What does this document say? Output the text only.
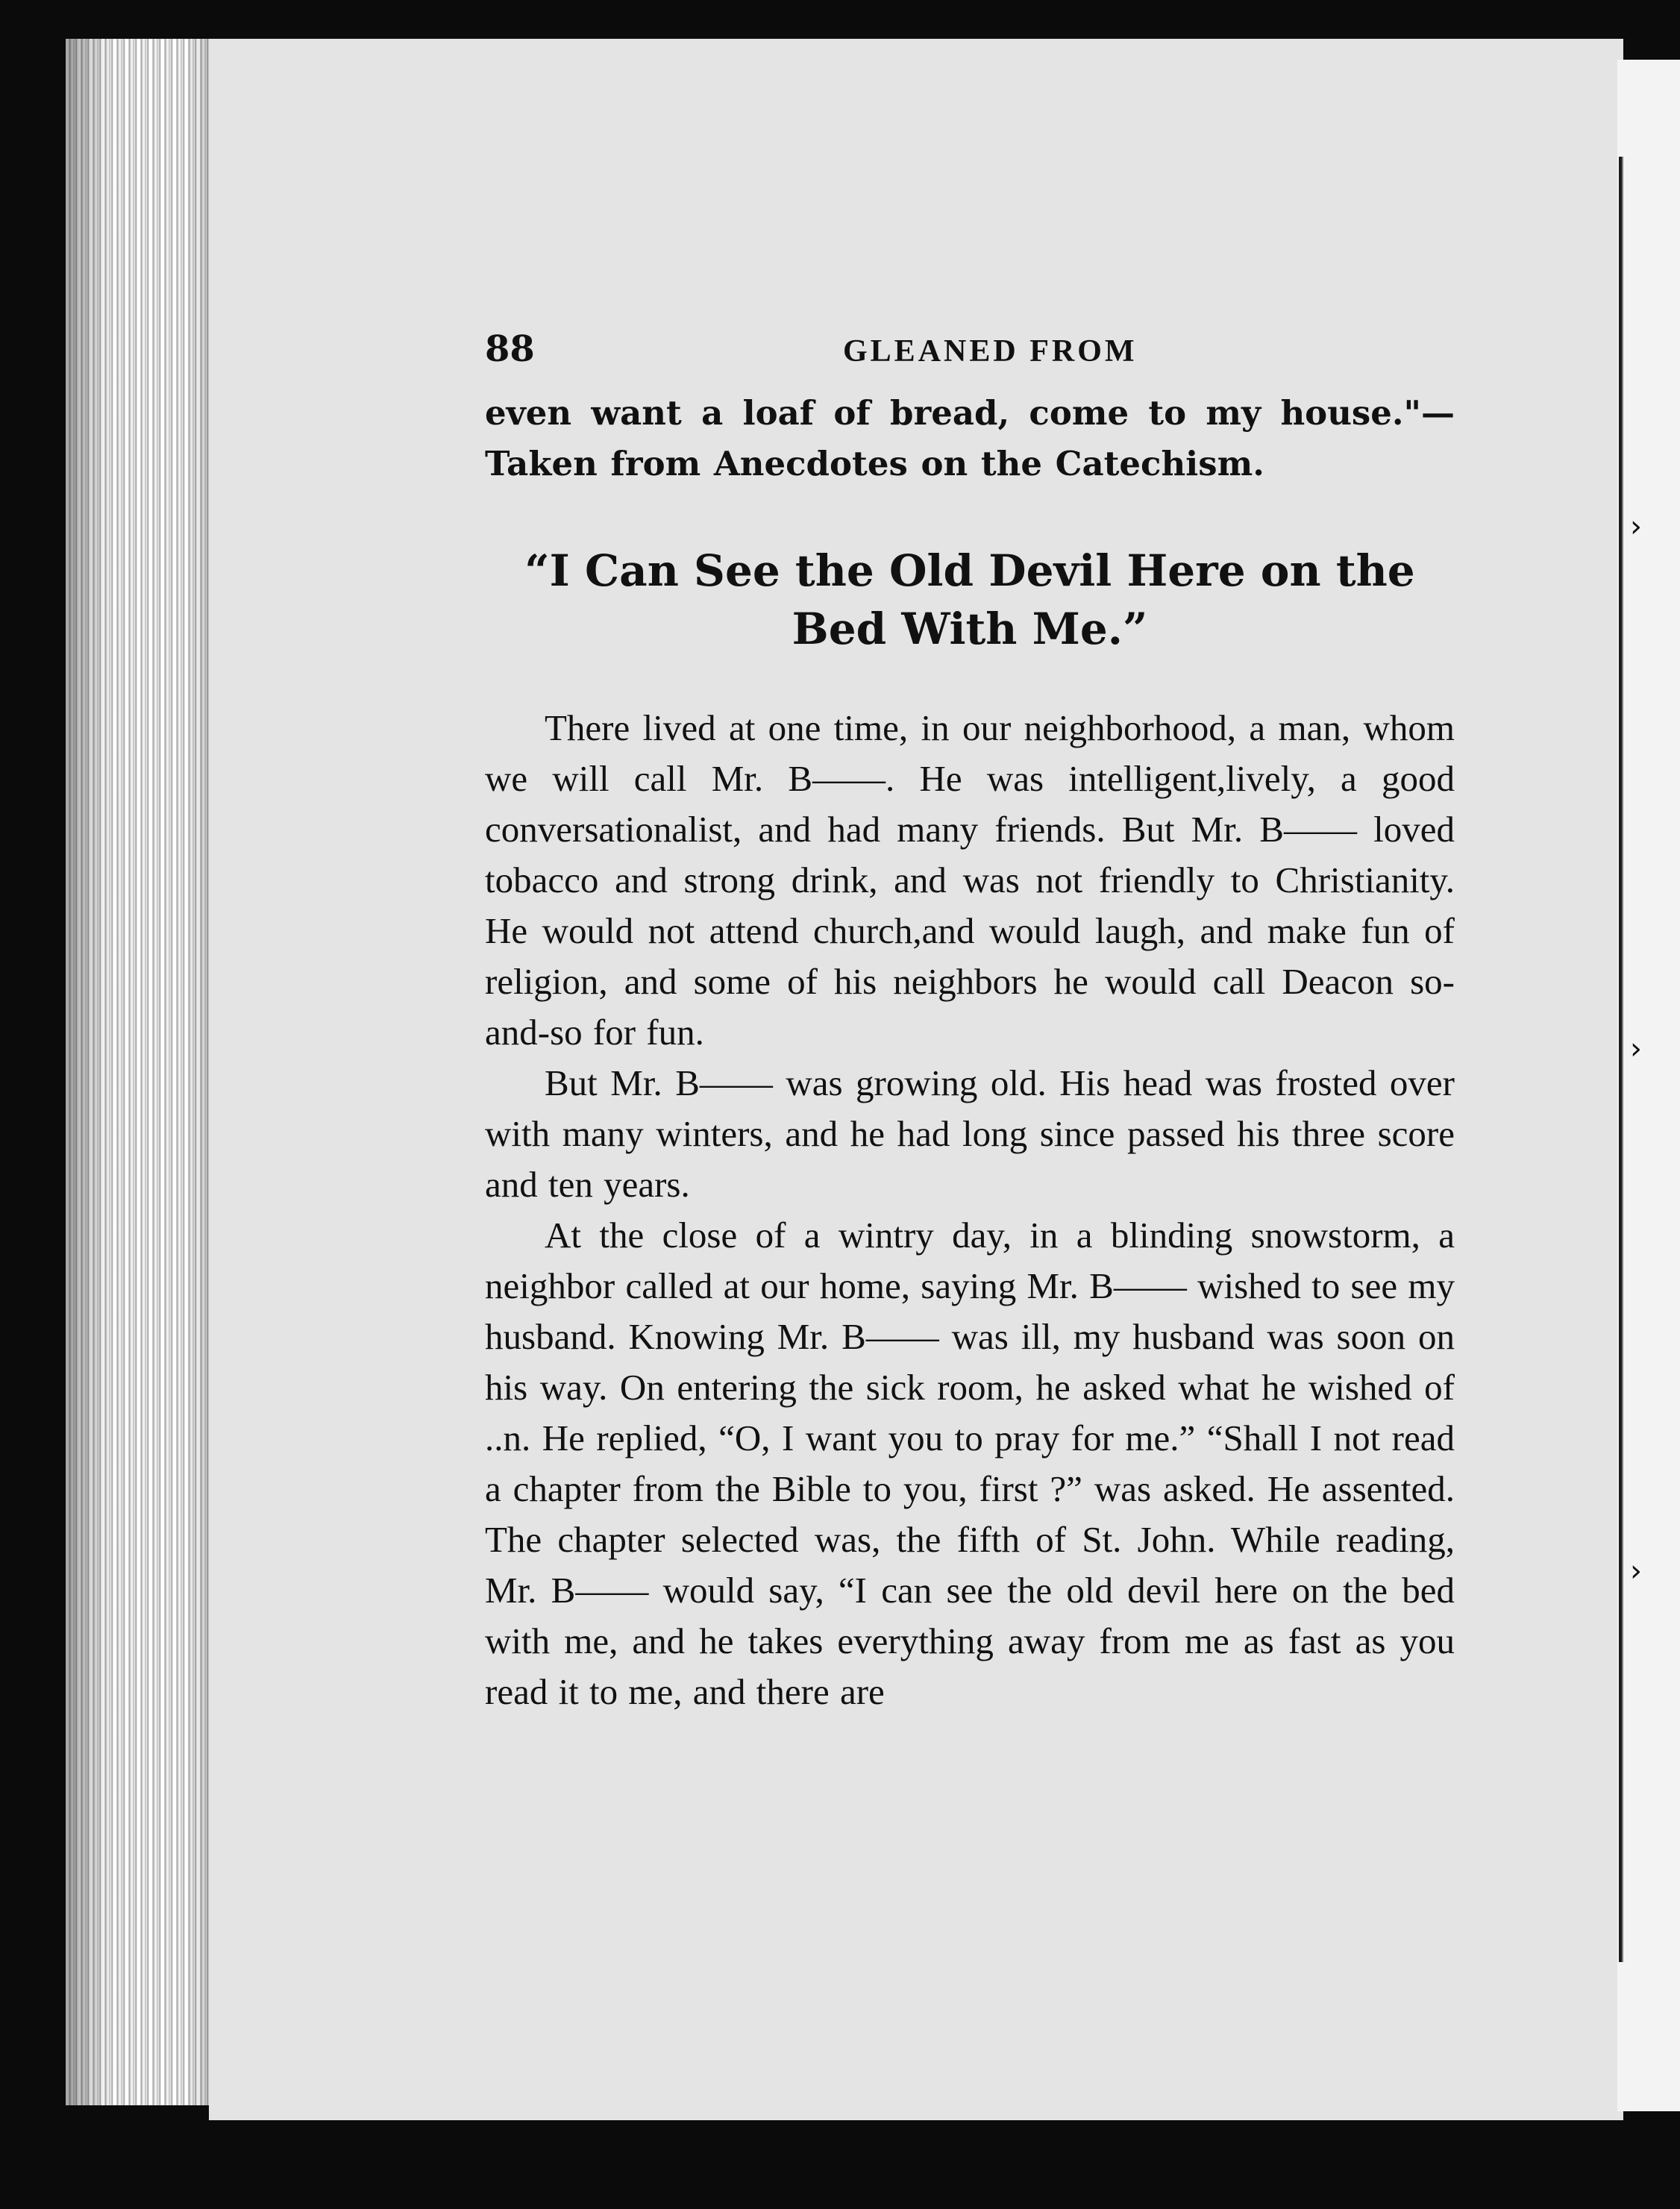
›
›
›
88	GLEANED FROM

even want a loaf of bread, come to my house."— Taken from Anecdotes on the Catechism.

“I Can See the Old Devil Here on the Bed With Me.”

There lived at one time, in our neighborhood, a man, whom we will call Mr. B——. He was intelligent,lively, a good conversationalist, and had many friends. But Mr. B—— loved tobacco and strong drink, and was not friendly to Christianity. He would not attend church,and would laugh, and make fun of religion, and some of his neighbors he would call Deacon so-and-so for fun.

But Mr. B—— was growing old. His head was frosted over with many winters, and he had long since passed his three score and ten years.

At the close of a wintry day, in a blinding snowstorm, a neighbor called at our home, saying Mr. B—— wished to see my husband. Knowing Mr. B—— was ill, my husband was soon on his way. On entering the sick room, he asked what he wished of ..n. He replied, “O, I want you to pray for me.” “Shall I not read a chapter from the Bible to you, first ?” was asked. He assented. The chapter selected was, the fifth of St. John. While reading, Mr. B—— would say, “I can see the old devil here on the bed with me, and he takes everything away from me as fast as you read it to me, and there are
